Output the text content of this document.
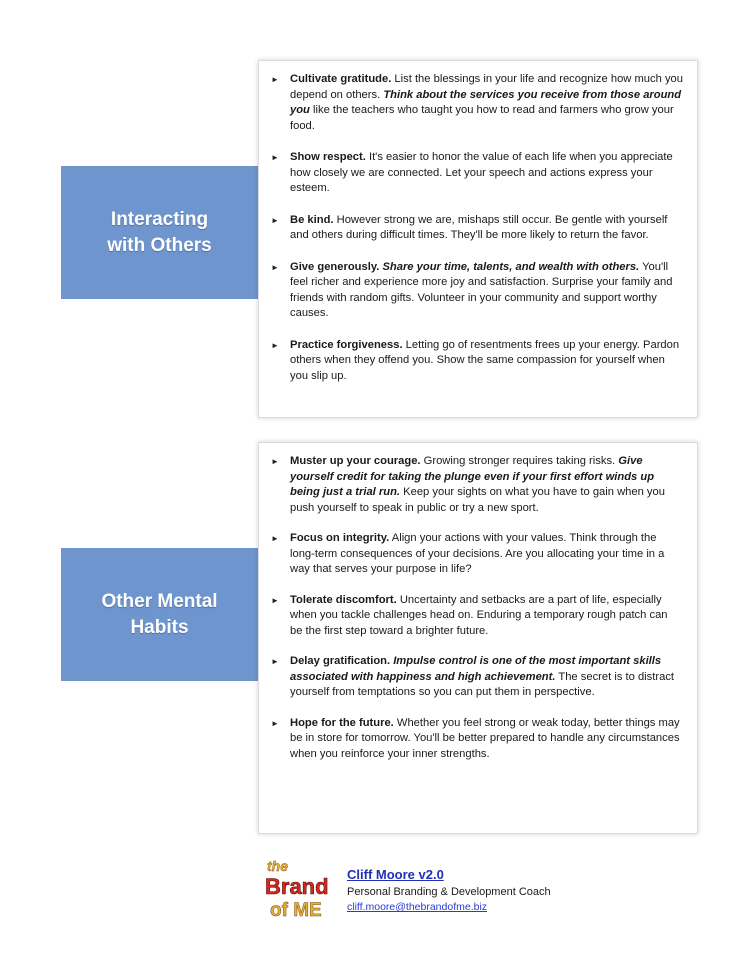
Interacting
with Others
► Cultivate gratitude. List the blessings in your life and recognize how much you depend on others. Think about the services you receive from those around you like the teachers who taught you how to read and farmers who grow your food.
► Show respect. It's easier to honor the value of each life when you appreciate how closely we are connected. Let your speech and actions express your esteem.
► Be kind. However strong we are, mishaps still occur. Be gentle with yourself and others during difficult times. They'll be more likely to return the favor.
► Give generously. Share your time, talents, and wealth with others. You'll feel richer and experience more joy and satisfaction. Surprise your family and friends with random gifts. Volunteer in your community and support worthy causes.
► Practice forgiveness. Letting go of resentments frees up your energy. Pardon others when they offend you. Show the same compassion for yourself when you slip up.
Other Mental
Habits
► Muster up your courage. Growing stronger requires taking risks. Give yourself credit for taking the plunge even if your first effort winds up being just a trial run. Keep your sights on what you have to gain when you push yourself to speak in public or try a new sport.
► Focus on integrity. Align your actions with your values. Think through the long-term consequences of your decisions. Are you allocating your time in a way that serves your purpose in life?
► Tolerate discomfort. Uncertainty and setbacks are a part of life, especially when you tackle challenges head on. Enduring a temporary rough patch can be the first step toward a brighter future.
► Delay gratification. Impulse control is one of the most important skills associated with happiness and high achievement. The secret is to distract yourself from temptations so you can put them in perspective.
► Hope for the future. Whether you feel strong or weak today, better things may be in store for tomorrow. You'll be better prepared to handle any circumstances when you reinforce your inner strengths.
the
Brand
of ME
Cliff Moore v2.0
Personal Branding & Development Coach
cliff.moore@thebrandofme.biz
